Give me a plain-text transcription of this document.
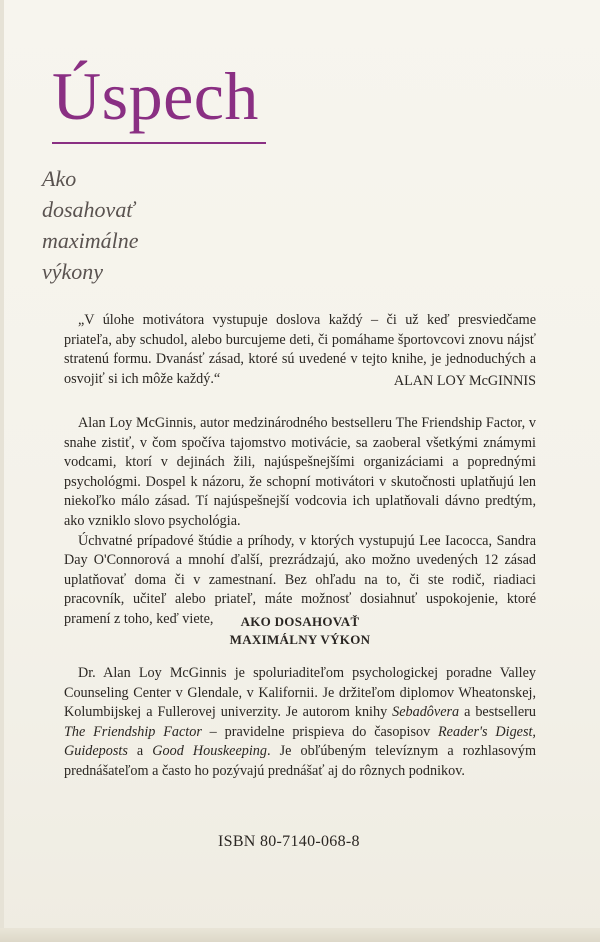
Úspech
Ako
dosahovať
maximálne
výkony
„V úlohe motivátora vystupuje doslova každý – či už keď presviedčame priateľa, aby schudol, alebo burcujeme deti, či pomáhame športovcovi znovu nájsť stratenú formu. Dvanásť zásad, ktoré sú uvedené v tejto knihe, je jednoduchých a osvojiť si ich môže každý.“	ALAN LOY McGINNIS
Alan Loy McGinnis, autor medzinárodného bestselleru The Friendship Factor, v snahe zistiť, v čom spočíva tajomstvo motivácie, sa zaoberal všetkými známymi vodcami, ktorí v dejinách žili, najúspešnejšími organizáciami a poprednými psychológmi. Dospel k názoru, že schopní motivátori v skutočnosti uplatňujú len niekoľko málo zásad. Tí najúspešnejší vodcovia ich uplatňovali dávno predtým, ako vzniklo slovo psychológia.
Úchvatné prípadové štúdie a príhody, v ktorých vystupujú Lee Iacocca, Sandra Day O'Connorová a mnohí ďalší, prezrádzajú, ako možno uvedených 12 zásad uplatňovať doma či v zamestnaní. Bez ohľadu na to, či ste rodič, riadiaci pracovník, učiteľ alebo priateľ, máte možnosť dosiahnuť uspokojenie, ktoré pramení z toho, keď viete,	AKO DOSAHOVAŤ
MAXIMÁLNY VÝKON
Dr. Alan Loy McGinnis je spoluriaditeľom psychologickej poradne Valley Counseling Center v Glendale, v Kalifornii. Je držiteľom diplomov Wheatonskej, Kolumbijskej a Fullerovej univerzity. Je autorom knihy Sebadôvera a bestselleru The Friendship Factor – pravidelne prispieva do časopisov Reader's Digest, Guideposts a Good Houskeeping. Je obľúbeným televíznym a rozhlasovým prednášateľom a často ho pozývajú prednášať aj do rôznych podnikov.
ISBN 80-7140-068-8
